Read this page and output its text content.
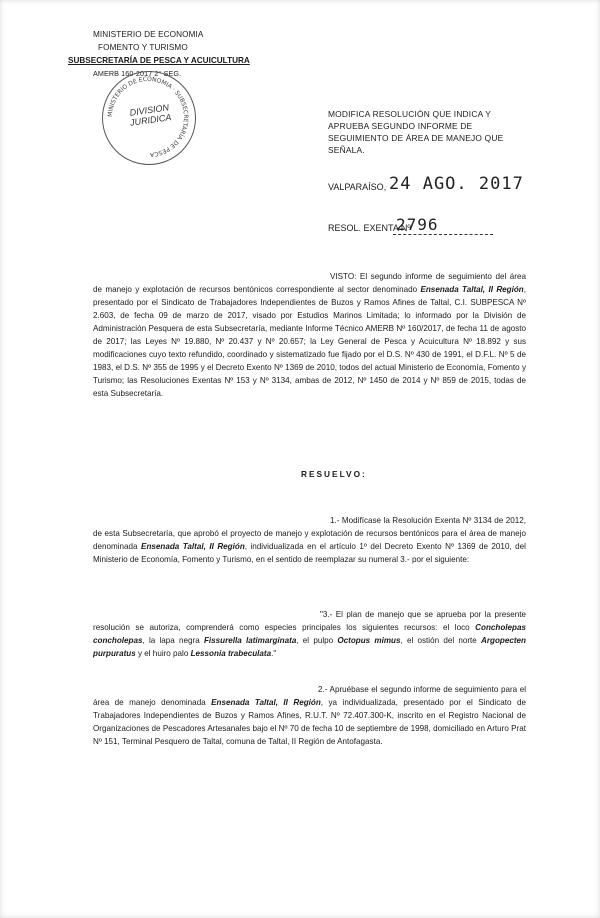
MINISTERIO DE ECONOMIA
FOMENTO Y TURISMO
SUBSECRETARÍA DE PESCA Y ACUICULTURA
AMERB 160-2017 2° SEG.
MINISTERIO DE ECONOMIA · SUBSECRETARÍA DE PESCA
DIVISION JURIDICA	MODIFICA RESOLUCIÓN QUE INDICA Y APRUEBA SEGUNDO INFORME DE SEGUIMIENTO DE ÁREA DE MANEJO QUE SEÑALA.
VALPARAÍSO, 24 AGO. 2017
RESOL. EXENTA Nº
2796
VISTO: El segundo informe de seguimiento del área de manejo y explotación de recursos bentónicos correspondiente al sector denominado Ensenada Taltal, II Región, presentado por el Sindicato de Trabajadores Independientes de Buzos y Ramos Afines de Taltal, C.I. SUBPESCA Nº 2.603, de fecha 09 de marzo de 2017, visado por Estudios Marinos Limitada; lo informado por la División de Administración Pesquera de esta Subsecretaría, mediante Informe Técnico AMERB Nº 160/2017, de fecha 11 de agosto de 2017; las Leyes Nº 19.880, Nº 20.437 y Nº 20.657; la Ley General de Pesca y Acuicultura Nº 18.892 y sus modificaciones cuyo texto refundido, coordinado y sistematizado fue fijado por el D.S. Nº 430 de 1991, el D.F.L. Nº 5 de 1983, el D.S. Nº 355 de 1995 y el Decreto Exento Nº 1369 de 2010, todos del actual Ministerio de Economía, Fomento y Turismo; las Resoluciones Exentas Nº 153 y Nº 3134, ambas de 2012, Nº 1450 de 2014 y Nº 859 de 2015, todas de esta Subsecretaría.
RESUELVO:
1.- Modifícase la Resolución Exenta Nº 3134 de 2012, de esta Subsecretaría, que aprobó el proyecto de manejo y explotación de recursos bentónicos para el área de manejo denominada Ensenada Taltal, II Región, individualizada en el artículo 1º del Decreto Exento Nº 1369 de 2010, del Ministerio de Economía, Fomento y Turismo, en el sentido de reemplazar su numeral 3.- por el siguiente:
"3.- El plan de manejo que se aprueba por la presente resolución se autoriza, comprenderá como especies principales los siguientes recursos: el loco Concholepas concholepas, la lapa negra Fissurella latimarginata, el pulpo Octopus mimus, el ostión del norte Argopecten purpuratus y el huiro palo Lessonia trabeculata."
2.- Apruébase el segundo informe de seguimiento para el área de manejo denominada Ensenada Taltal, II Región, ya individualizada, presentado por el Sindicato de Trabajadores Independientes de Buzos y Ramos Afines, R.U.T. Nº 72.407.300-K, inscrito en el Registro Nacional de Organizaciones de Pescadores Artesanales bajo el Nº 70 de fecha 10 de septiembre de 1998, domiciliado en Arturo Prat Nº 151, Terminal Pesquero de Taltal, comuna de Taltal, II Región de Antofagasta.
